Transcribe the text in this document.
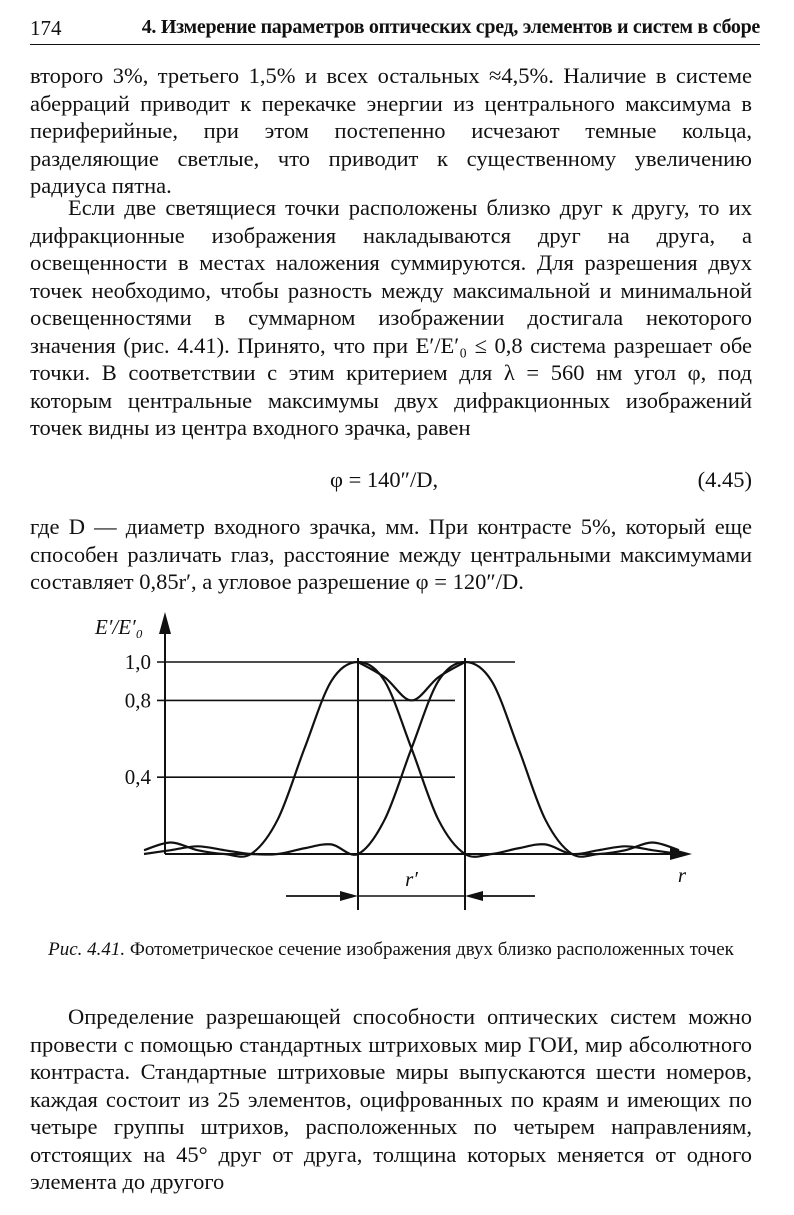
174	4. Измерение параметров оптических сред, элементов и систем в сборе

второго 3%, третьего 1,5% и всех остальных ≈4,5%. Наличие в системе аберраций приводит к перекачке энергии из центрального максимума в периферийные, при этом постепенно исчезают темные кольца, разделяющие светлые, что приводит к существенному увеличению радиуса пятна.

Если две светящиеся точки расположены близко друг к другу, то их дифракционные изображения накладываются друг на друга, а освещенности в местах наложения суммируются. Для разрешения двух точек необходимо, чтобы разность между максимальной и минимальной освещенностями в суммарном изображении достигала некоторого значения (рис. 4.41). Принято, что при E′/E′₀ ≤ 0,8 система разрешает обе точки. В соответствии с этим критерием для λ = 560 нм угол φ, под которым центральные максимумы двух дифракционных изображений точек видны из центра входного зрачка, равен

φ = 140″/D,	(4.45)

где D — диаметр входного зрачка, мм. При контрасте 5%, который еще способен различать глаз, расстояние между центральными максимумами составляет 0,85r′, а угловое разрешение φ = 120″/D.

1,0
0,8
0,4
r′
E′/E′₀
r
Рис. 4.41. Фотометрическое сечение изображения двух близко расположенных точек

Определение разрешающей способности оптических систем можно провести с помощью стандартных штриховых мир ГОИ, мир абсолютного контраста. Стандартные штриховые миры выпускаются шести номеров, каждая состоит из 25 элементов, оцифрованных по краям и имеющих по четыре группы штрихов, расположенных по четырем направлениям, отстоящих на 45° друг от друга, толщина которых меняется от одного элемента до другого
